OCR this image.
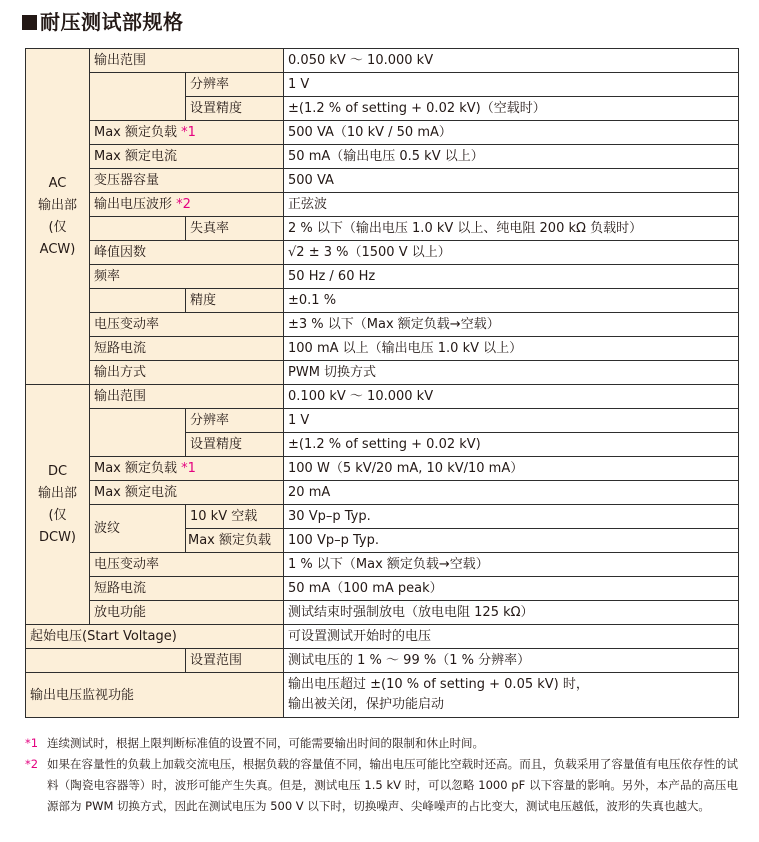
耐压测试部规格
AC
输出部
(仅
ACW)	输出范围		0.050 kV ～ 10.000 kV
		分辨率	1 V
		设置精度	±(1.2 % of setting + 0.02 kV)（空载时）
	Max 额定负载 *1		500 VA（10 kV / 50 mA）
	Max 额定电流		50 mA（输出电压 0.5 kV 以上）
	变压器容量		500 VA
	输出电压波形 *2		正弦波
		失真率	2 % 以下（输出电压 1.0 kV 以上、纯电阻 200 kΩ 负载时）
	峰值因数		√2 ± 3 %（1500 V 以上）
	频率		50 Hz / 60 Hz
		精度	±0.1 %
	电压变动率		±3 % 以下（Max 额定负载→空载）
	短路电流		100 mA 以上（输出电压 1.0 kV 以上）
	输出方式		PWM 切换方式

DC
输出部
(仅
DCW)	输出范围		0.100 kV ～ 10.000 kV
		分辨率	1 V
		设置精度	±(1.2 % of setting + 0.02 kV)
	Max 额定负载 *1		100 W（5 kV/20 mA, 10 kV/10 mA）
	Max 额定电流		20 mA
	波纹	10 kV 空载	30 Vp–p Typ.
		Max 额定负载	100 Vp–p Typ.
	电压变动率		1 % 以下（Max 额定负载→空载）
	短路电流		50 mA（100 mA peak）
	放电功能		测试结束时强制放电（放电电阻 125 kΩ）
起始电压(Start Voltage)			可设置测试开始时的电压
		设置范围	测试电压的 1 % ～ 99 %（1 % 分辨率）
输出电压监视功能			输出电压超过 ±(10 % of setting + 0.05 kV) 时，
输出被关闭，保护功能启动
*1 连续测试时，根据上限判断标准值的设置不同，可能需要输出时间的限制和休止时间。
*2 如果在容量性的负载上加载交流电压，根据负载的容量值不同，输出电压可能比空载时还高。而且，负载采用了容量值有电压依存性的试料（陶瓷电容器等）时，波形可能产生失真。但是，测试电压 1.5 kV 时，可以忽略 1000 pF 以下容量的影响。另外，本产品的高压电源部为 PWM 切换方式，因此在测试电压为 500 V 以下时，切换噪声、尖峰噪声的占比变大，测试电压越低，波形的失真也越大。
